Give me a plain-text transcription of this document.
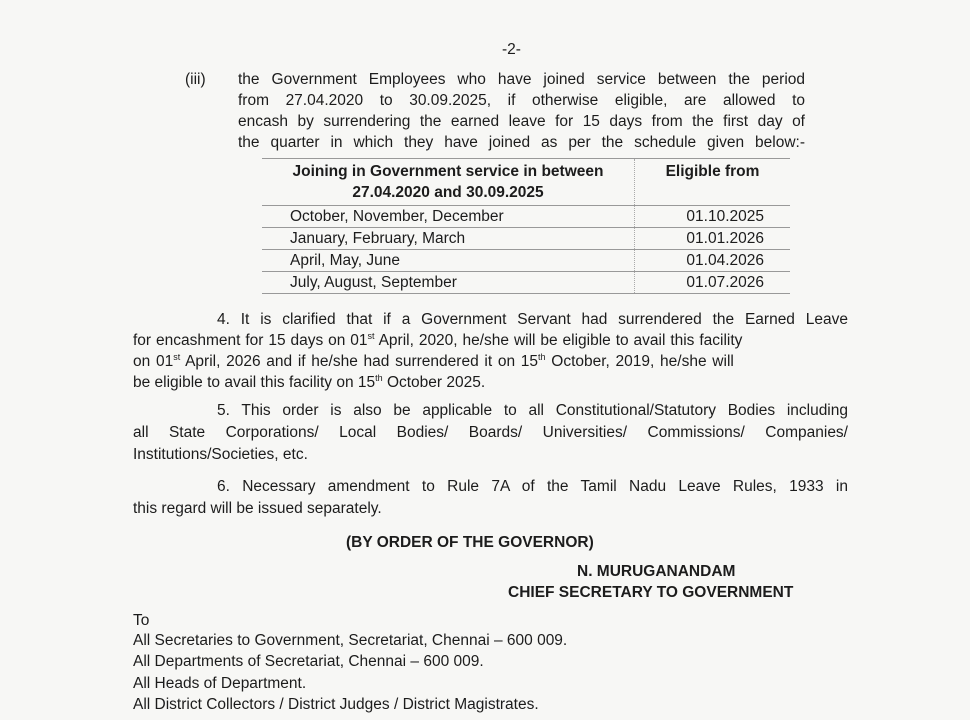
-2-
(iii) the Government Employees who have joined service between the period
from 27.04.2020 to 30.09.2025, if otherwise eligible, are allowed to
encash by surrendering the earned leave for 15 days from the first day of
the quarter in which they have joined as per the schedule given below:-
Joining in Government service in between 27.04.2020 and 30.09.2025	Eligible from
October, November, December	01.10.2025
January, February, March	01.01.2026
April, May, June	01.04.2026
July, August, September	01.07.2026
4. It is clarified that if a Government Servant had surrendered the Earned Leave
for encashment for 15 days on 01st April, 2020, he/she will be eligible to avail this facility
on 01st April, 2026 and if he/she had surrendered it on 15th October, 2019, he/she will
be eligible to avail this facility on 15th October 2025.
5. This order is also be applicable to all Constitutional/Statutory Bodies including
all State Corporations/ Local Bodies/ Boards/ Universities/ Commissions/ Companies/
Institutions/Societies, etc.
6. Necessary amendment to Rule 7A of the Tamil Nadu Leave Rules, 1933 in
this regard will be issued separately.
(BY ORDER OF THE GOVERNOR)
N. MURUGANANDAM
CHIEF SECRETARY TO GOVERNMENT
To
All Secretaries to Government, Secretariat, Chennai – 600 009.
All Departments of Secretariat, Chennai – 600 009.
All Heads of Department.
All District Collectors / District Judges / District Magistrates.
